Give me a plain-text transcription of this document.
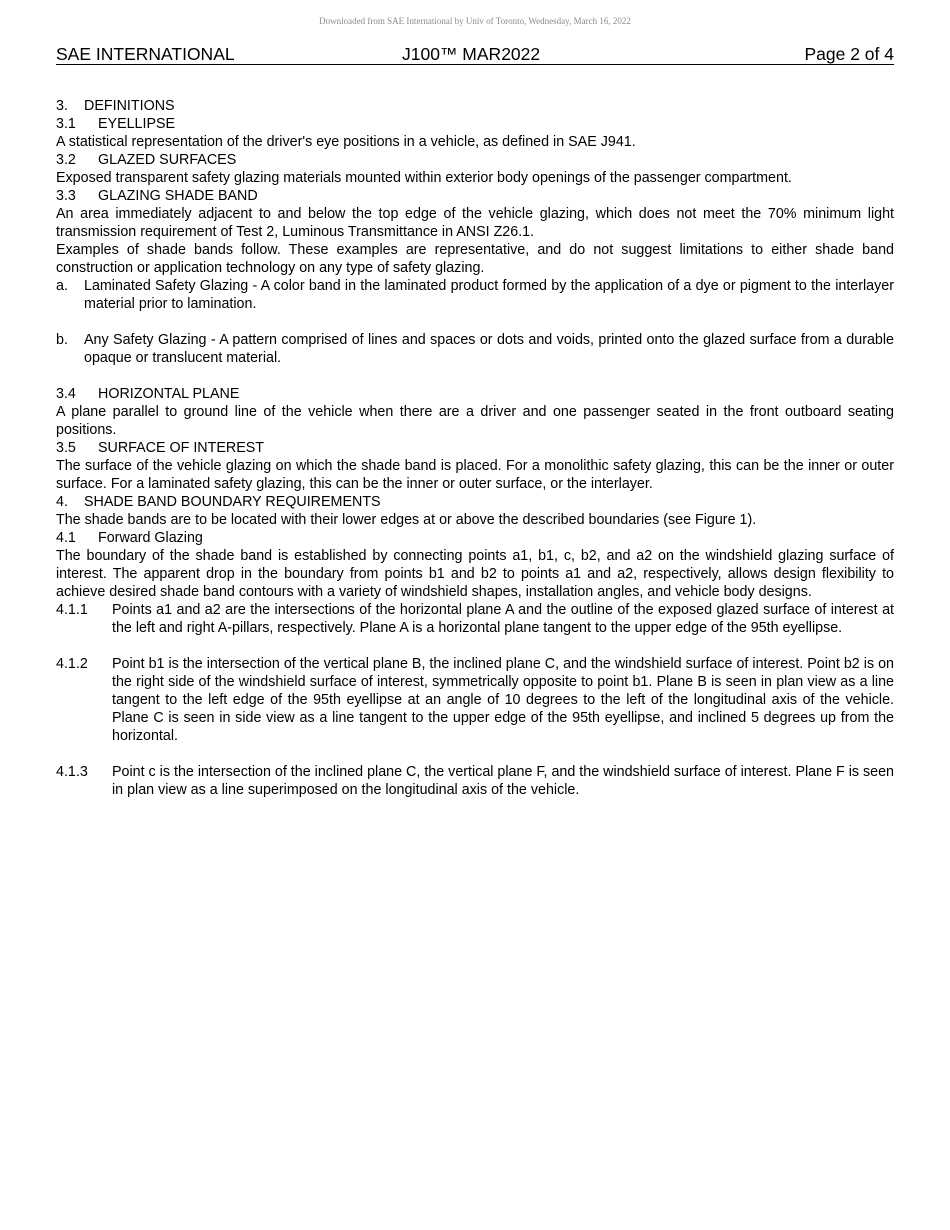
Downloaded from SAE International by Univ of Toronto, Wednesday, March 16, 2022
SAE INTERNATIONAL	J100™ MAR2022	Page 2 of 4

3. DEFINITIONS

3.1 EYELLIPSE

A statistical representation of the driver's eye positions in a vehicle, as defined in SAE J941.

3.2 GLAZED SURFACES

Exposed transparent safety glazing materials mounted within exterior body openings of the passenger compartment.

3.3 GLAZING SHADE BAND

An area immediately adjacent to and below the top edge of the vehicle glazing, which does not meet the 70% minimum light transmission requirement of Test 2, Luminous Transmittance in ANSI Z26.1.

Examples of shade bands follow. These examples are representative, and do not suggest limitations to either shade band construction or application technology on any type of safety glazing.

a.	Laminated Safety Glazing - A color band in the laminated product formed by the application of a dye or pigment to the interlayer material prior to lamination.
b.	Any Safety Glazing - A pattern comprised of lines and spaces or dots and voids, printed onto the glazed surface from a durable opaque or translucent material.

3.4 HORIZONTAL PLANE

A plane parallel to ground line of the vehicle when there are a driver and one passenger seated in the front outboard seating positions.

3.5 SURFACE OF INTEREST

The surface of the vehicle glazing on which the shade band is placed. For a monolithic safety glazing, this can be the inner or outer surface. For a laminated safety glazing, this can be the inner or outer surface, or the interlayer.

4. SHADE BAND BOUNDARY REQUIREMENTS

The shade bands are to be located with their lower edges at or above the described boundaries (see Figure 1).

4.1 Forward Glazing

The boundary of the shade band is established by connecting points a1, b1, c, b2, and a2 on the windshield glazing surface of interest. The apparent drop in the boundary from points b1 and b2 to points a1 and a2, respectively, allows design flexibility to achieve desired shade band contours with a variety of windshield shapes, installation angles, and vehicle body designs.

4.1.1	Points a1 and a2 are the intersections of the horizontal plane A and the outline of the exposed glazed surface of interest at the left and right A-pillars, respectively. Plane A is a horizontal plane tangent to the upper edge of the 95th eyellipse.
4.1.2	Point b1 is the intersection of the vertical plane B, the inclined plane C, and the windshield surface of interest. Point b2 is on the right side of the windshield surface of interest, symmetrically opposite to point b1. Plane B is seen in plan view as a line tangent to the left edge of the 95th eyellipse at an angle of 10 degrees to the left of the longitudinal axis of the vehicle. Plane C is seen in side view as a line tangent to the upper edge of the 95th eyellipse, and inclined 5 degrees up from the horizontal.
4.1.3	Point c is the intersection of the inclined plane C, the vertical plane F, and the windshield surface of interest. Plane F is seen in plan view as a line superimposed on the longitudinal axis of the vehicle.
